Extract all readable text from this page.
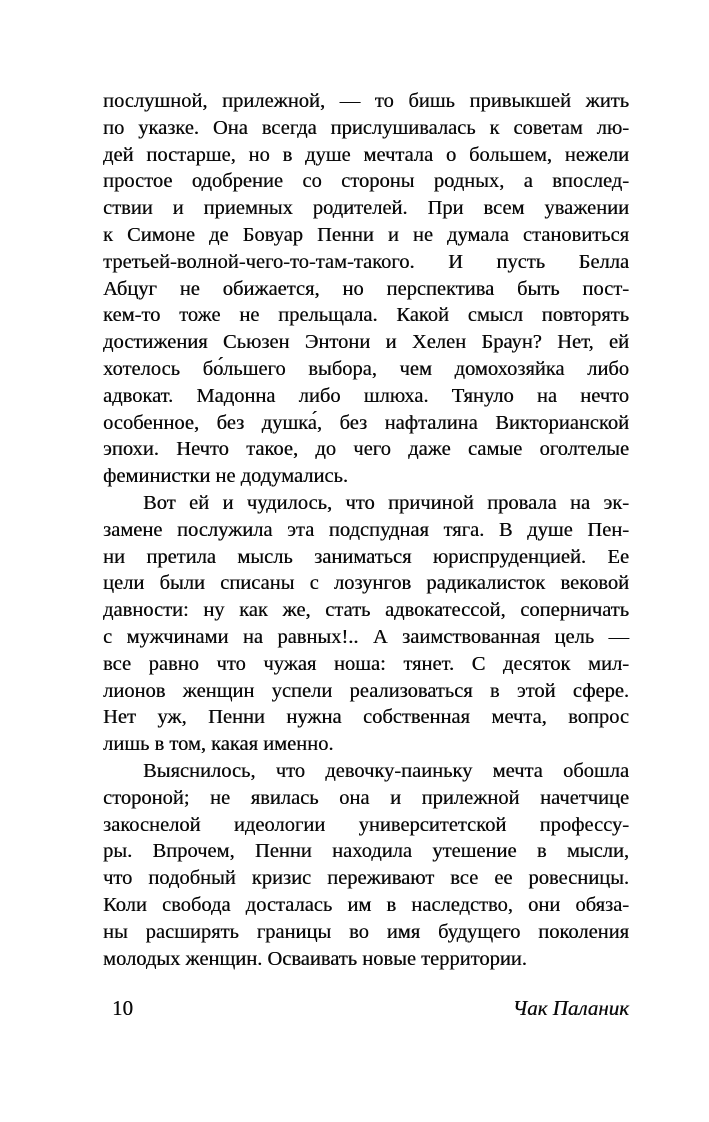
послушной, прилежной, — то бишь привыкшей жить
по указке. Она всегда прислушивалась к советам лю-
дей постарше, но в душе мечтала о большем, нежели
простое одобрение со стороны родных, а впослед-
ствии и приемных родителей. При всем уважении
к Симоне де Бовуар Пенни и не думала становиться
третьей-волной-чего-то-там-такого. И пусть Белла
Абцуг не обижается, но перспектива быть пост-
кем-то тоже не прельщала. Какой смысл повторять
достижения Сьюзен Энтони и Хелен Браун? Нет, ей
хотелось бо́льшего выбора, чем домохозяйка либо
адвокат. Мадонна либо шлюха. Тянуло на нечто
особенное, без душка́, без нафталина Викторианской
эпохи. Нечто такое, до чего даже самые оголтелые
феминистки не додумались.
Вот ей и чудилось, что причиной провала на эк-
замене послужила эта подспудная тяга. В душе Пен-
ни претила мысль заниматься юриспруденцией. Ее
цели были списаны с лозунгов радикалисток вековой
давности: ну как же, стать адвокатессой, соперничать
с мужчинами на равных!.. А заимствованная цель —
все равно что чужая ноша: тянет. С десяток мил-
лионов женщин успели реализоваться в этой сфере.
Нет уж, Пенни нужна собственная мечта, вопрос
лишь в том, какая именно.
Выяснилось, что девочку-паиньку мечта обошла
стороной; не явилась она и прилежной начетчице
закоснелой идеологии университетской профессу-
ры. Впрочем, Пенни находила утешение в мысли,
что подобный кризис переживают все ее ровесницы.
Коли свобода досталась им в наследство, они обяза-
ны расширять границы во имя будущего поколения
молодых женщин. Осваивать новые территории.
10	Чак Паланик
